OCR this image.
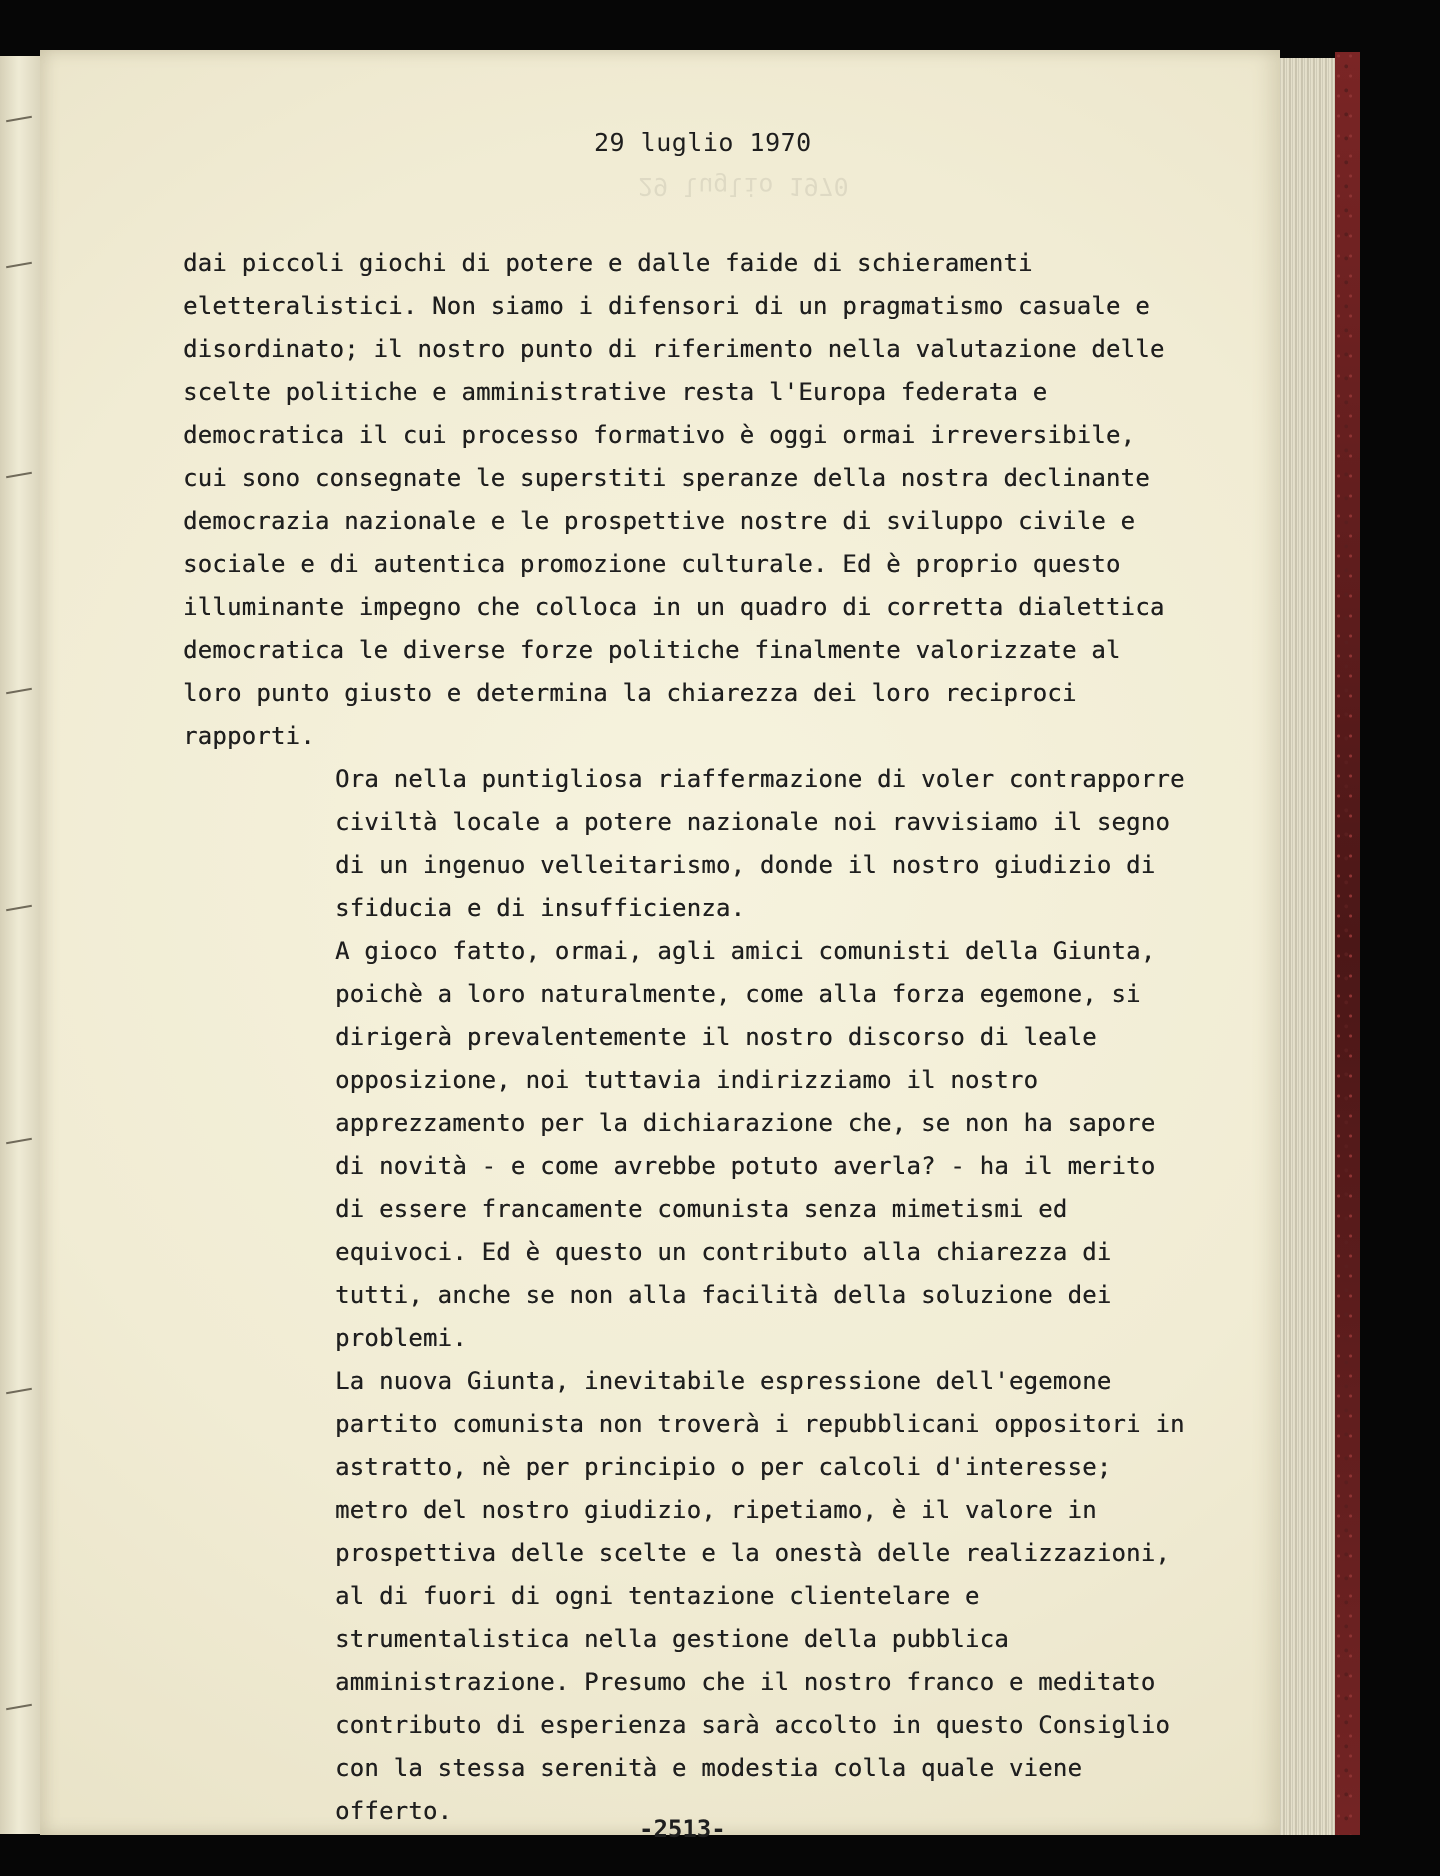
29 luglio 1970
29 luglio 1970

dai piccoli giochi di potere e dalle faide di schieramenti eletteralistici. Non siamo i difensori di un pragmatismo casuale e disordinato; il nostro punto di riferimento nella valutazione delle scelte politiche e amministrative resta l'Europa federata e democratica il cui processo formativo è oggi ormai irreversibile, cui sono consegnate le superstiti speranze della nostra declinante democrazia nazionale e le prospettive nostre di sviluppo civile e sociale e di autentica promozione culturale. Ed è proprio questo illuminante impegno che colloca in un quadro di corretta dialettica democratica le diverse forze politiche finalmente valorizzate al loro punto giusto e determina la chiarezza dei loro reciproci rapporti.

Ora nella puntigliosa riaffermazione di voler contrapporre civiltà locale a potere nazionale noi ravvisiamo il segno di un ingenuo velleitarismo, donde il nostro giudizio di sfiducia e di insufficienza.

A gioco fatto, ormai, agli amici comunisti della Giunta, poichè a loro naturalmente, come alla forza egemone, si dirigerà prevalentemente il nostro discorso di leale opposizione, noi tuttavia indirizziamo il nostro apprezzamento per la dichiarazione che, se non ha sapore di novità - e come avrebbe potuto averla? - ha il merito di essere francamente comunista senza mimetismi ed equivoci. Ed è questo un contributo alla chiarezza di tutti, anche se non alla facilità della soluzione dei problemi.

La nuova Giunta, inevitabile espressione dell'egemone partito comunista non troverà i repubblicani oppositori in astratto, nè per principio o per calcoli d'interesse; metro del nostro giudizio, ripetiamo, è il valore in prospettiva delle scelte e la onestà delle realizzazioni, al di fuori di ogni tentazione clientelare e strumentalistica nella gestione della pubblica amministrazione. Presumo che il nostro franco e meditato contributo di esperienza sarà accolto in questo Consiglio con la stessa serenità e modestia colla quale viene offerto.

-2513-
